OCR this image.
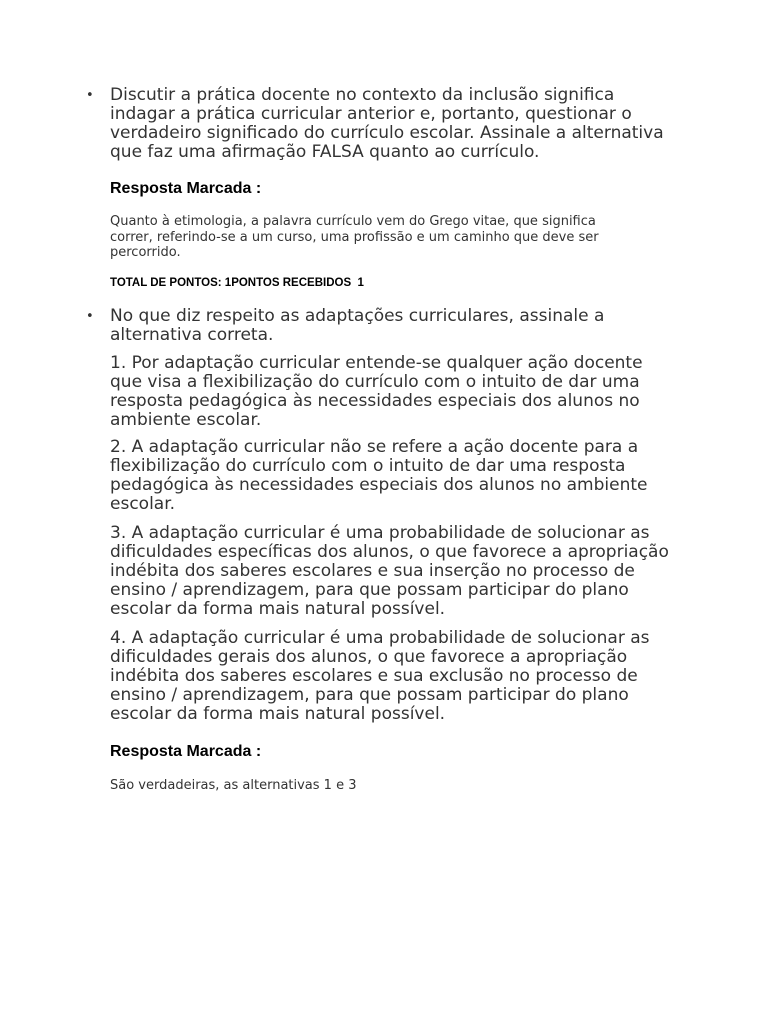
• Discutir a prática docente no contexto da inclusão significa indagar a prática curricular anterior e, portanto, questionar o verdadeiro significado do currículo escolar. Assinale a alternativa que faz uma afirmação FALSA quanto ao currículo.

Resposta Marcada :

Quanto à etimologia, a palavra currículo vem do Grego vitae, que significa correr, referindo-se a um curso, uma profissão e um caminho que deve ser percorrido.

TOTAL DE PONTOS: 1PONTOS RECEBIDOS  1

• No que diz respeito as adaptações curriculares, assinale a alternativa correta.

1. Por adaptação curricular entende-se qualquer ação docente que visa a flexibilização do currículo com o intuito de dar uma resposta pedagógica às necessidades especiais dos alunos no ambiente escolar.

2. A adaptação curricular não se refere a ação docente para a flexibilização do currículo com o intuito de dar uma resposta pedagógica às necessidades especiais dos alunos no ambiente escolar.

3. A adaptação curricular é uma probabilidade de solucionar as dificuldades específicas dos alunos, o que favorece a apropriação indébita dos saberes escolares e sua inserção no processo de ensino / aprendizagem, para que possam participar do plano escolar da forma mais natural possível.

4. A adaptação curricular é uma probabilidade de solucionar as dificuldades gerais dos alunos, o que favorece a apropriação indébita dos saberes escolares e sua exclusão no processo de ensino / aprendizagem, para que possam participar do plano escolar da forma mais natural possível.

Resposta Marcada :

São verdadeiras, as alternativas 1 e 3
